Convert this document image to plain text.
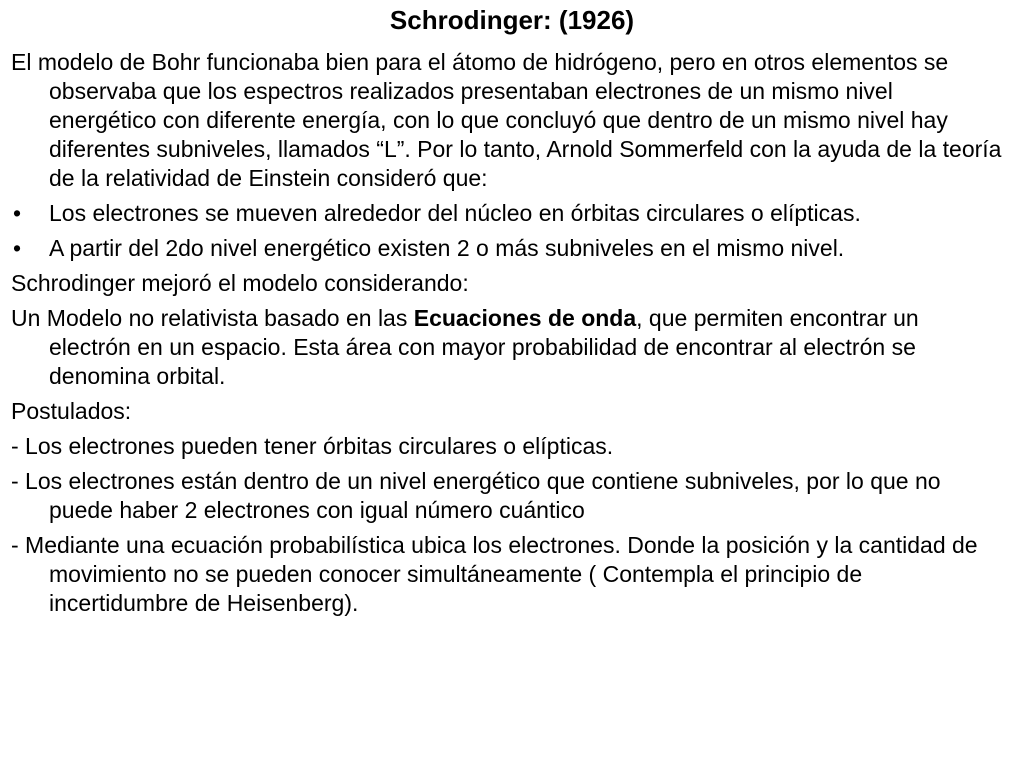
Schrodinger: (1926)

El modelo de Bohr funcionaba bien para el átomo de hidrógeno, pero en otros elementos se observaba que los espectros realizados presentaban electrones de un mismo nivel energético con diferente energía, con lo que concluyó que dentro de un mismo nivel hay diferentes subniveles, llamados “L”. Por lo tanto, Arnold Sommerfeld con la ayuda de la teoría de la relatividad de Einstein consideró que:

• Los electrones se mueven alrededor del núcleo en órbitas circulares o elípticas.
• A partir del 2do nivel energético existen 2 o más subniveles en el mismo nivel.

Schrodinger mejoró el modelo considerando:

Un Modelo no relativista basado en las Ecuaciones de onda, que permiten encontrar un electrón en un espacio. Esta área con mayor probabilidad de encontrar al electrón se denomina orbital.

Postulados:

- Los electrones pueden tener órbitas circulares o elípticas.

- Los electrones están dentro de un nivel energético que contiene subniveles, por lo que no puede haber 2 electrones con igual número cuántico

- Mediante una ecuación probabilística ubica los electrones. Donde la posición y la cantidad de movimiento no se pueden conocer simultáneamente ( Contempla el principio de incertidumbre de Heisenberg).
